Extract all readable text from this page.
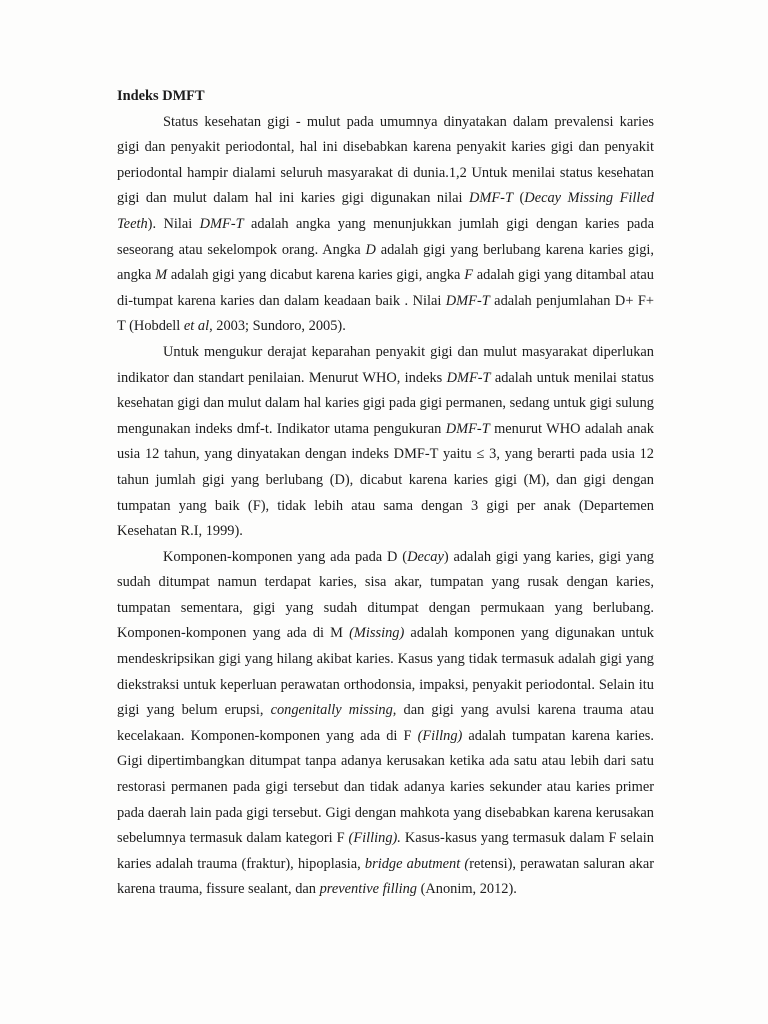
Indeks DMFT

Status kesehatan gigi - mulut pada umumnya dinyatakan dalam prevalensi karies gigi dan penyakit periodontal, hal ini disebabkan karena penyakit karies gigi dan penyakit periodontal hampir dialami seluruh masyarakat di dunia.1,2 Untuk menilai status kesehatan gigi dan mulut dalam hal ini karies gigi digunakan nilai DMF-T (Decay Missing Filled Teeth). Nilai DMF-T adalah angka yang menunjukkan jumlah gigi dengan karies pada seseorang atau sekelompok orang. Angka D adalah gigi yang berlubang karena karies gigi, angka M adalah gigi yang dicabut karena karies gigi, angka F adalah gigi yang ditambal atau di-tumpat karena karies dan dalam keadaan baik . Nilai DMF-T adalah penjumlahan D+ F+ T (Hobdell et al, 2003; Sundoro, 2005).

Untuk mengukur derajat keparahan penyakit gigi dan mulut masyarakat diperlukan indikator dan standart penilaian. Menurut WHO, indeks DMF-T adalah untuk menilai status kesehatan gigi dan mulut dalam hal karies gigi pada gigi permanen, sedang untuk gigi sulung mengunakan indeks dmf-t. Indikator utama pengukuran DMF-T menurut WHO adalah anak usia 12 tahun, yang dinyatakan dengan indeks DMF-T yaitu ≤ 3, yang berarti pada usia 12 tahun jumlah gigi yang berlubang (D), dicabut karena karies gigi (M), dan gigi dengan tumpatan yang baik (F), tidak lebih atau sama dengan 3 gigi per anak (Departemen Kesehatan R.I, 1999).

Komponen-komponen yang ada pada D (Decay) adalah gigi yang karies, gigi yang sudah ditumpat namun terdapat karies, sisa akar, tumpatan yang rusak dengan karies, tumpatan sementara, gigi yang sudah ditumpat dengan permukaan yang berlubang. Komponen-komponen yang ada di M (Missing) adalah komponen yang digunakan untuk mendeskripsikan gigi yang hilang akibat karies. Kasus yang tidak termasuk adalah gigi yang diekstraksi untuk keperluan perawatan orthodonsia, impaksi, penyakit periodontal. Selain itu gigi yang belum erupsi, congenitally missing, dan gigi yang avulsi karena trauma atau kecelakaan. Komponen-komponen yang ada di F (Fillng) adalah tumpatan karena karies. Gigi dipertimbangkan ditumpat tanpa adanya kerusakan ketika ada satu atau lebih dari satu restorasi permanen pada gigi tersebut dan tidak adanya karies sekunder atau karies primer pada daerah lain pada gigi tersebut. Gigi dengan mahkota yang disebabkan karena kerusakan sebelumnya termasuk dalam kategori F (Filling). Kasus-kasus yang termasuk dalam F selain karies adalah trauma (fraktur), hipoplasia, bridge abutment (retensi), perawatan saluran akar karena trauma, fissure sealant, dan preventive filling (Anonim, 2012).
